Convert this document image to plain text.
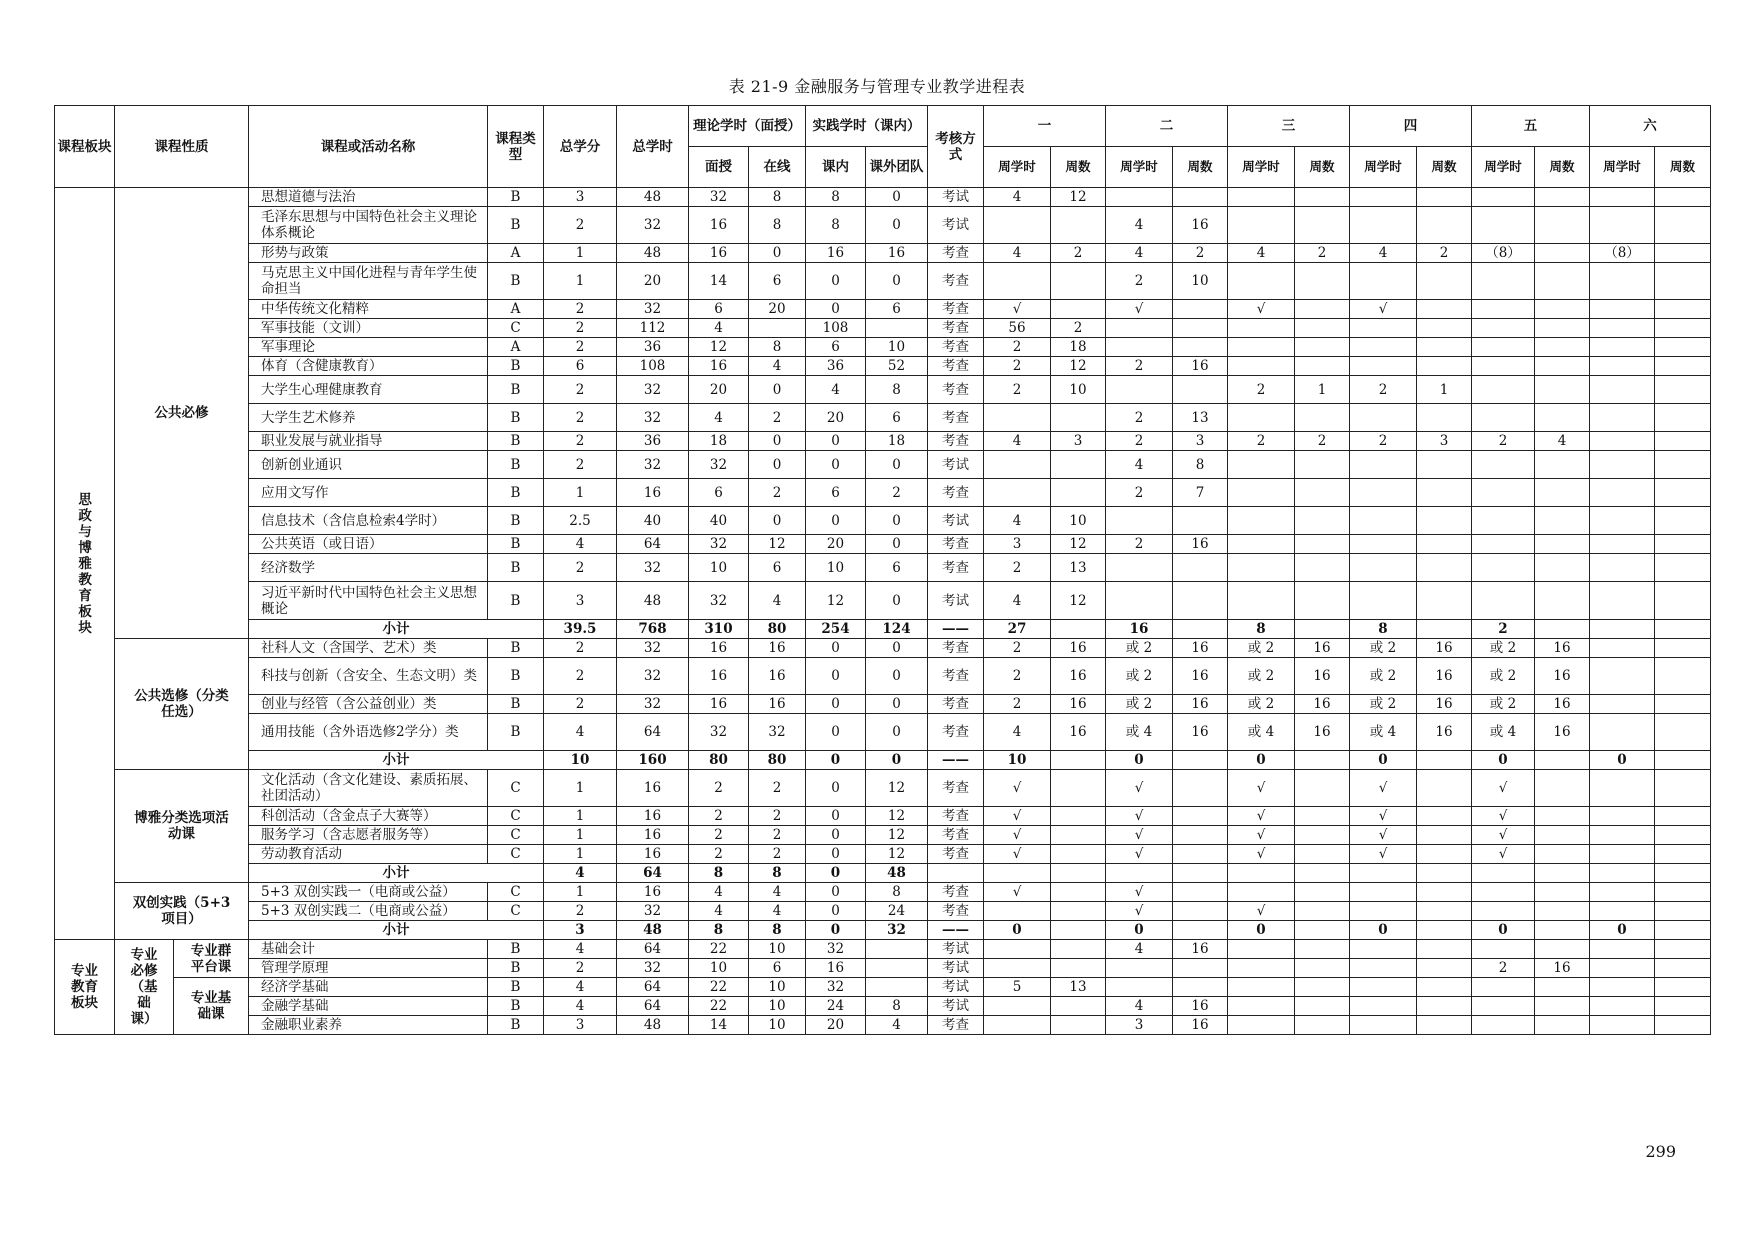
表 21-9 金融服务与管理专业教学进程表
课程板块	课程性质		课程或活动名称	课程类型	总学分	总学时	理论学时（面授）		实践学时（课内）		考核方式	一		二		三		四		五		六	
							面授	在线	课内	课外团队		周学时	周数	周学时	周数	周学时	周数	周学时	周数	周学时	周数	周学时	周数
思政与博雅教育板块	公共必修		思想道德与法治	B	3	48	32	8	8	0	考试	4	12										
			毛泽东思想与中国特色社会主义理论体系概论	B	2	32	16	8	8	0	考试			4	16								
			形势与政策	A	1	48	16	0	16	16	考查	4	2	4	2	4	2	4	2	（8）		（8）	
			马克思主义中国化进程与青年学生使命担当	B	1	20	14	6	0	0	考查			2	10								
			中华传统文化精粹	A	2	32	6	20	0	6	考查	√		√		√		√					
			军事技能（文训）	C	2	112	4		108		考查	56	2										
			军事理论	A	2	36	12	8	6	10	考查	2	18										
			体育（含健康教育）	B	6	108	16	4	36	52	考查	2	12	2	16								
			大学生心理健康教育	B	2	32	20	0	4	8	考查	2	10			2	1	2	1				
			大学生艺术修养	B	2	32	4	2	20	6	考查			2	13								
			职业发展与就业指导	B	2	36	18	0	0	18	考查	4	3	2	3	2	2	2	3	2	4		
			创新创业通识	B	2	32	32	0	0	0	考试			4	8								
			应用文写作	B	1	16	6	2	6	2	考查			2	7								
			信息技术（含信息检索4学时）	B	2.5	40	40	0	0	0	考试	4	10										
			公共英语（或日语）	B	4	64	32	12	20	0	考查	3	12	2	16								
			经济数学	B	2	32	10	6	10	6	考查	2	13										
			习近平新时代中国特色社会主义思想概论	B	3	48	32	4	12	0	考试	4	12										
			小计		39.5	768	310	80	254	124	——	27		16		8		8		2			
	公共选修（分类任选）		社科人文（含国学、艺术）类	B	2	32	16	16	0	0	考查	2	16	或 2	16	或 2	16	或 2	16	或 2	16		
			科技与创新（含安全、生态文明）类	B	2	32	16	16	0	0	考查	2	16	或 2	16	或 2	16	或 2	16	或 2	16		
			创业与经管（含公益创业）类	B	2	32	16	16	0	0	考查	2	16	或 2	16	或 2	16	或 2	16	或 2	16		
			通用技能（含外语选修2学分）类	B	4	64	32	32	0	0	考查	4	16	或 4	16	或 4	16	或 4	16	或 4	16		
			小计		10	160	80	80	0	0	——	10		0		0		0		0		0	
	博雅分类选项活动课		文化活动（含文化建设、素质拓展、社团活动）	C	1	16	2	2	0	12	考查	√		√		√		√		√			
			科创活动（含金点子大赛等）	C	1	16	2	2	0	12	考查	√		√		√		√		√			
			服务学习（含志愿者服务等）	C	1	16	2	2	0	12	考查	√		√		√		√		√			
			劳动教育活动	C	1	16	2	2	0	12	考查	√		√		√		√		√			
			小计		4	64	8	8	0	48													
	双创实践（5+3项目）		5+3 双创实践一（电商或公益）	C	1	16	4	4	0	8	考查	√		√									
			5+3 双创实践二（电商或公益）	C	2	32	4	4	0	24	考查			√		√							
			小计		3	48	8	8	0	32	——	0		0		0		0		0		0	
专业教育板块	专业必修（基础课）	专业群平台课	基础会计	B	4	64	22	10	32		考试			4	16								
			管理学原理	B	2	32	10	6	16		考试									2	16		
		专业基础课	经济学基础	B	4	64	22	10	32		考试	5	13										
			金融学基础	B	4	64	22	10	24	8	考试			4	16								
			金融职业素养	B	3	48	14	10	20	4	考查			3	16								
299
